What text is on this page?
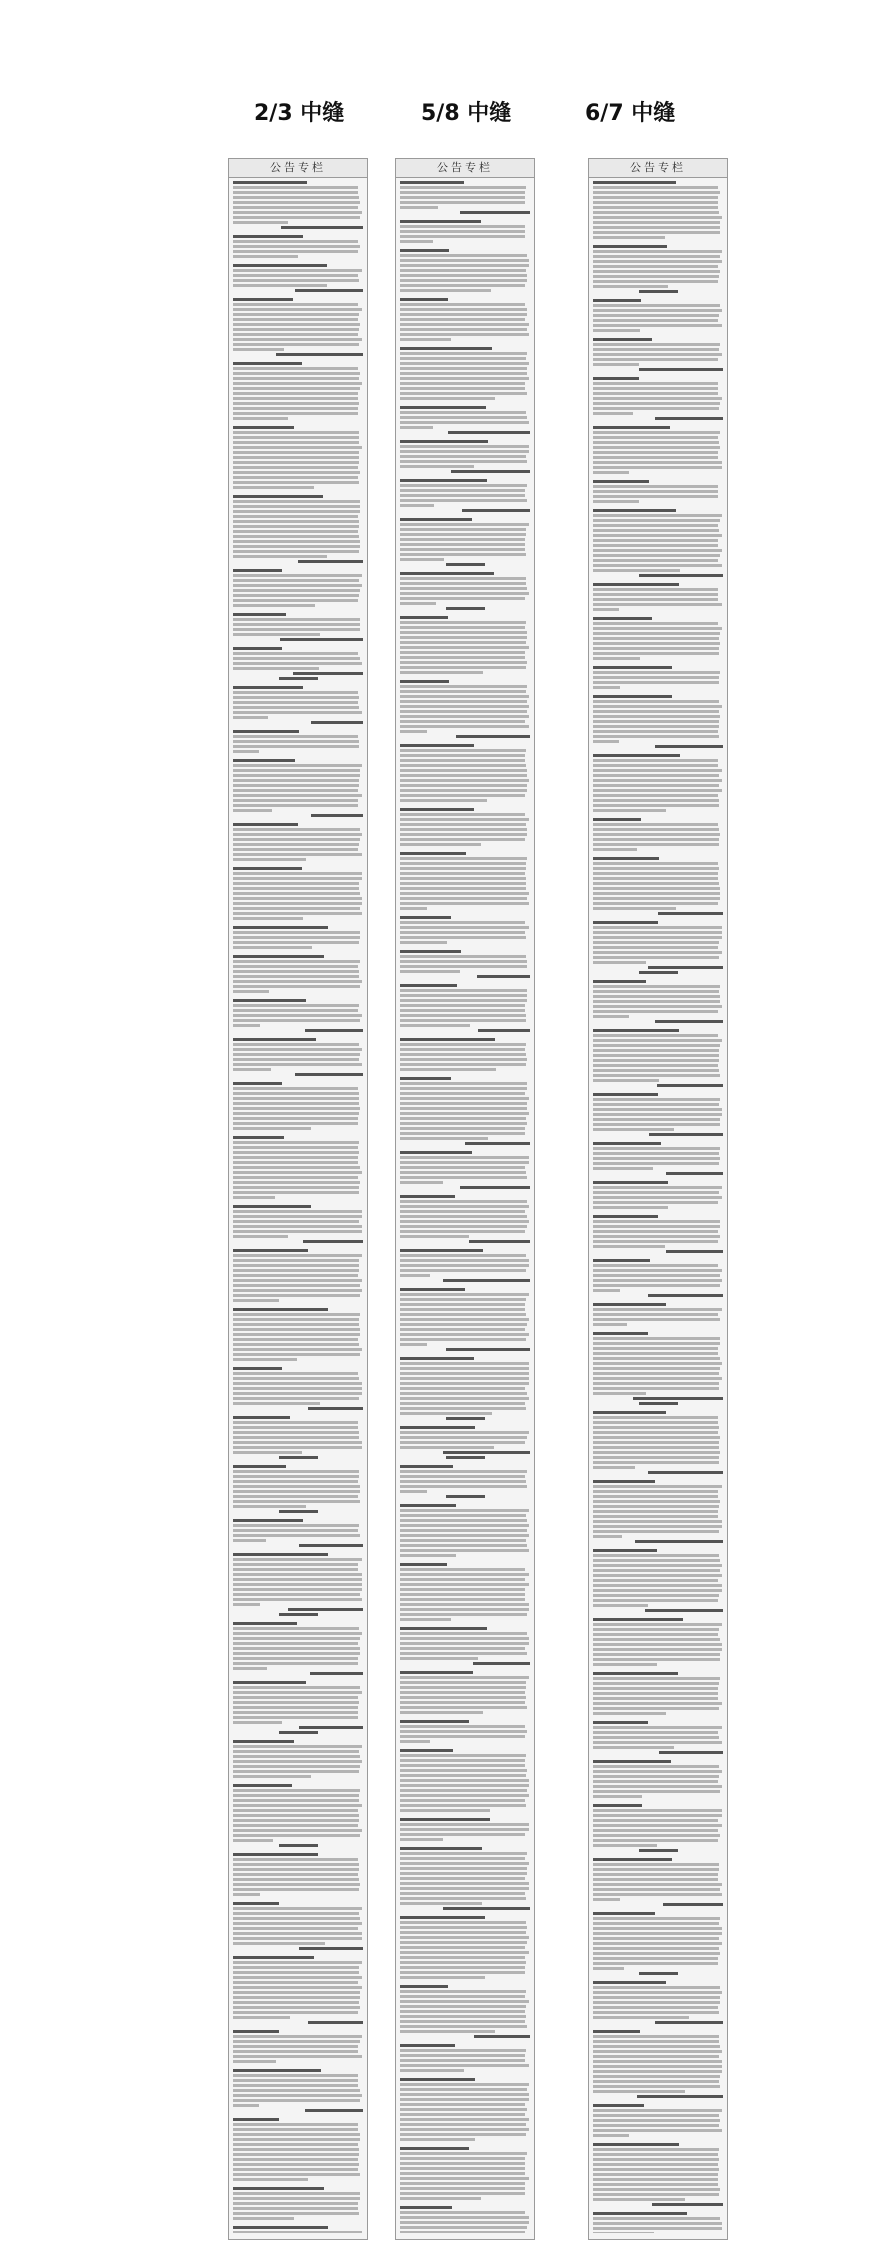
2/3 中缝	5/8 中缝	6/7 中缝
公告专栏	公告专栏	公告专栏
